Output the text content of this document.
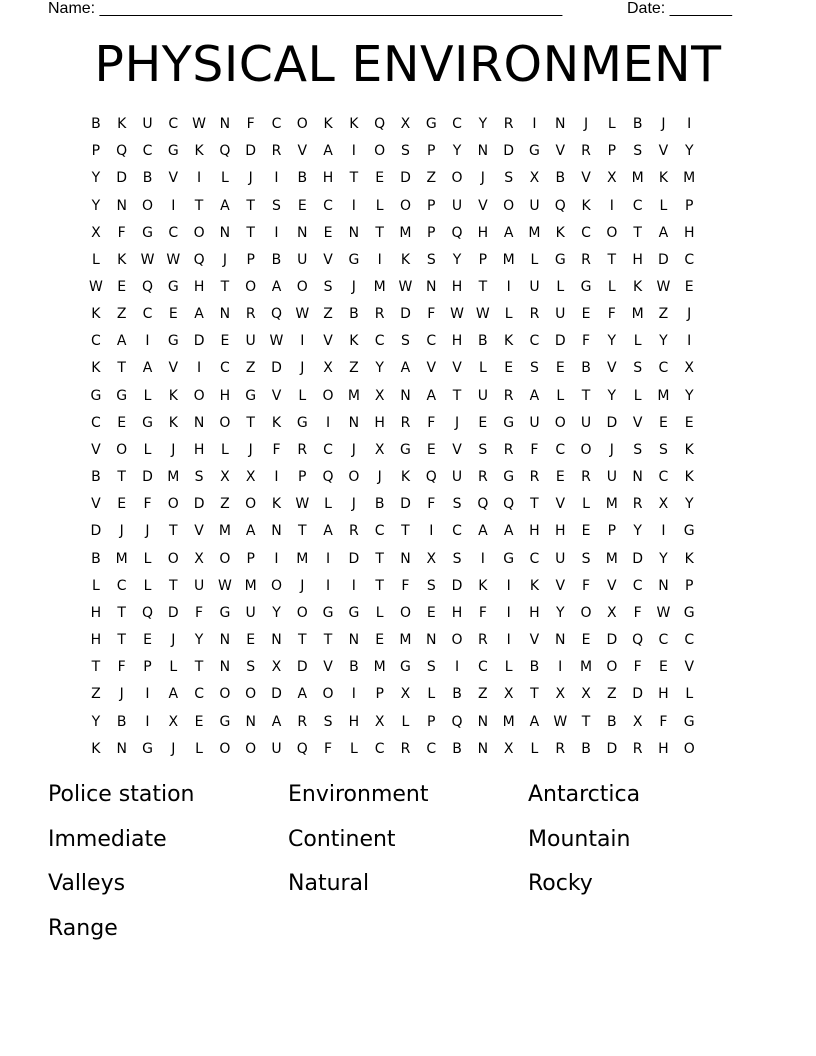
Name: ____________________________________________________	Date: _______
PHYSICAL ENVIRONMENT
B	K	U	C W N	F	C	O	K	K	Q	X	G	C	Y	R	I	N	J	L	B	J	I
P	Q	C	G	K	Q	D	R	V	A	I	O	S	P	Y	N	D	G	V	R	P	S	V	Y
Y	D	B	V	I	L	J	I	B	H	T	E	D	Z	O	J	S	X	B	V	X	M	K	M
Y	N	O	I	T	A	T	S	E	C	I	L	O	P	U	V	O	U	Q	K	I	C	L	P
X	F	G	C	O	N	T	I	N	E	N	T	M	P	Q	H	A	M	K	C	O	T	A	H
L	K	W W Q	J	P	B	U	V	G	I	K	S	Y	P	M	L	G	R	T	H	D	C
W	E	Q	G	H	T	O	A	O	S	J	M W N	H	T	I	U	L	G	L	K	W	E
K	Z	C	E	A	N	R	Q W	Z	B	R	D	F	W W	L	R	U	E	F	M	Z	J
C	A	I	G	D	E	U W	I	V	K	C	S	C	H	B	K	C	D	F	Y	L	Y	I
K	T	A	V	I	C	Z	D	J	X	Z	Y	A	V	V	L	E	S	E	B	V	S	C	X
G	G	L	K	O	H	G	V	L	O	M	X	N	A	T	U	R	A	L	T	Y	L	M	Y
C	E	G	K	N	O	T	K	G	I	N	H	R	F	J	E	G	U	O	U	D	V	E	E
V	O	L	J	H	L	J	F	R	C	J	X	G	E	V	S	R	F	C	O	J	S	S	K
B	T	D	M	S	X	X	I	P	Q	O	J	K	Q	U	R	G	R	E	R	U	N	C	K
V	E	F	O	D	Z	O	K	W	L	J	B	D	F	S	Q	Q	T	V	L	M	R	X	Y
D	J	J	T	V	M	A	N	T	A	R	C	T	I	C	A	A	H	H	E	P	Y	I	G
B	M	L	O	X	O	P	I	M	I	D	T	N	X	S	I	G	C	U	S	M	D	Y	K
L	C	L	T	U W M	O	J	I	I	T	F	S	D	K	I	K	V	F	V	C	N	P
H	T	Q	D	F	G	U	Y	O	G	G	L	O	E	H	F	I	H	Y	O	X	F	W G
H	T	E	J	Y	N	E	N	T	T	N	E	M	N	O	R	I	V	N	E	D	Q	C	C
T	F	P	L	T	N	S	X	D	V	B	M	G	S	I	C	L	B	I	M	O	F	E	V
Z	J	I	A	C	O	O	D	A	O	I	P	X	L	B	Z	X	T	X	X	Z	D	H	L
Y	B	I	X	E	G	N	A	R	S	H	X	L	P	Q	N	M	A	W	T	B	X	F	G
K	N	G	J	L	O	O	U	Q	F	L	C	R	C	B	N	X	L	R	B	D	R	H	O
Police station	Environment	Antarctica
Immediate	Continent	Mountain
Valleys	Natural	Rocky
Range
